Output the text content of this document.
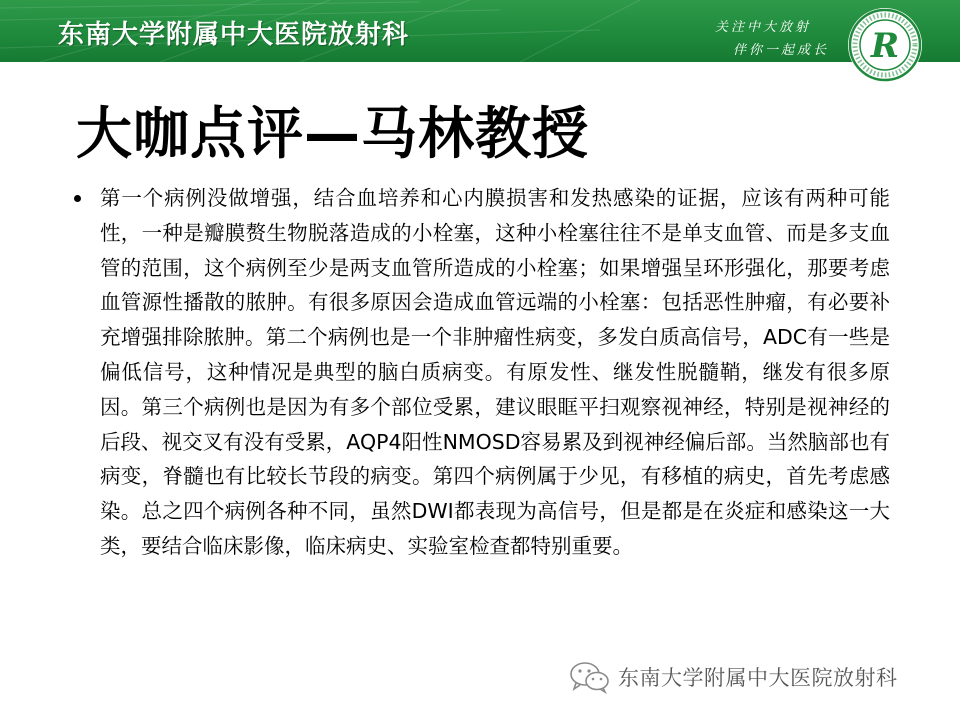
东南大学附属中大医院放射科	关注中大放射
伴你一起成长 R
大咖点评—马林教授

第一个病例没做增强，结合血培养和心内膜损害和发热感染的证据，应该有两种可能性，一种是瓣膜赘生物脱落造成的小栓塞，这种小栓塞往往不是单支血管、而是多支血管的范围，这个病例至少是两支血管所造成的小栓塞；如果增强呈环形强化，那要考虑血管源性播散的脓肿。有很多原因会造成血管远端的小栓塞：包括恶性肿瘤，有必要补充增强排除脓肿。第二个病例也是一个非肿瘤性病变，多发白质高信号，ADC有一些是偏低信号，这种情况是典型的脑白质病变。有原发性、继发性脱髓鞘，继发有很多原因。第三个病例也是因为有多个部位受累，建议眼眶平扫观察视神经，特别是视神经的后段、视交叉有没有受累，AQP4阳性NMOSD容易累及到视神经偏后部。当然脑部也有病变，脊髓也有比较长节段的病变。第四个病例属于少见，有移植的病史，首先考虑感染。总之四个病例各种不同，虽然DWI都表现为高信号，但是都是在炎症和感染这一大类，要结合临床影像，临床病史、实验室检查都特别重要。

东南大学附属中大医院放射科
